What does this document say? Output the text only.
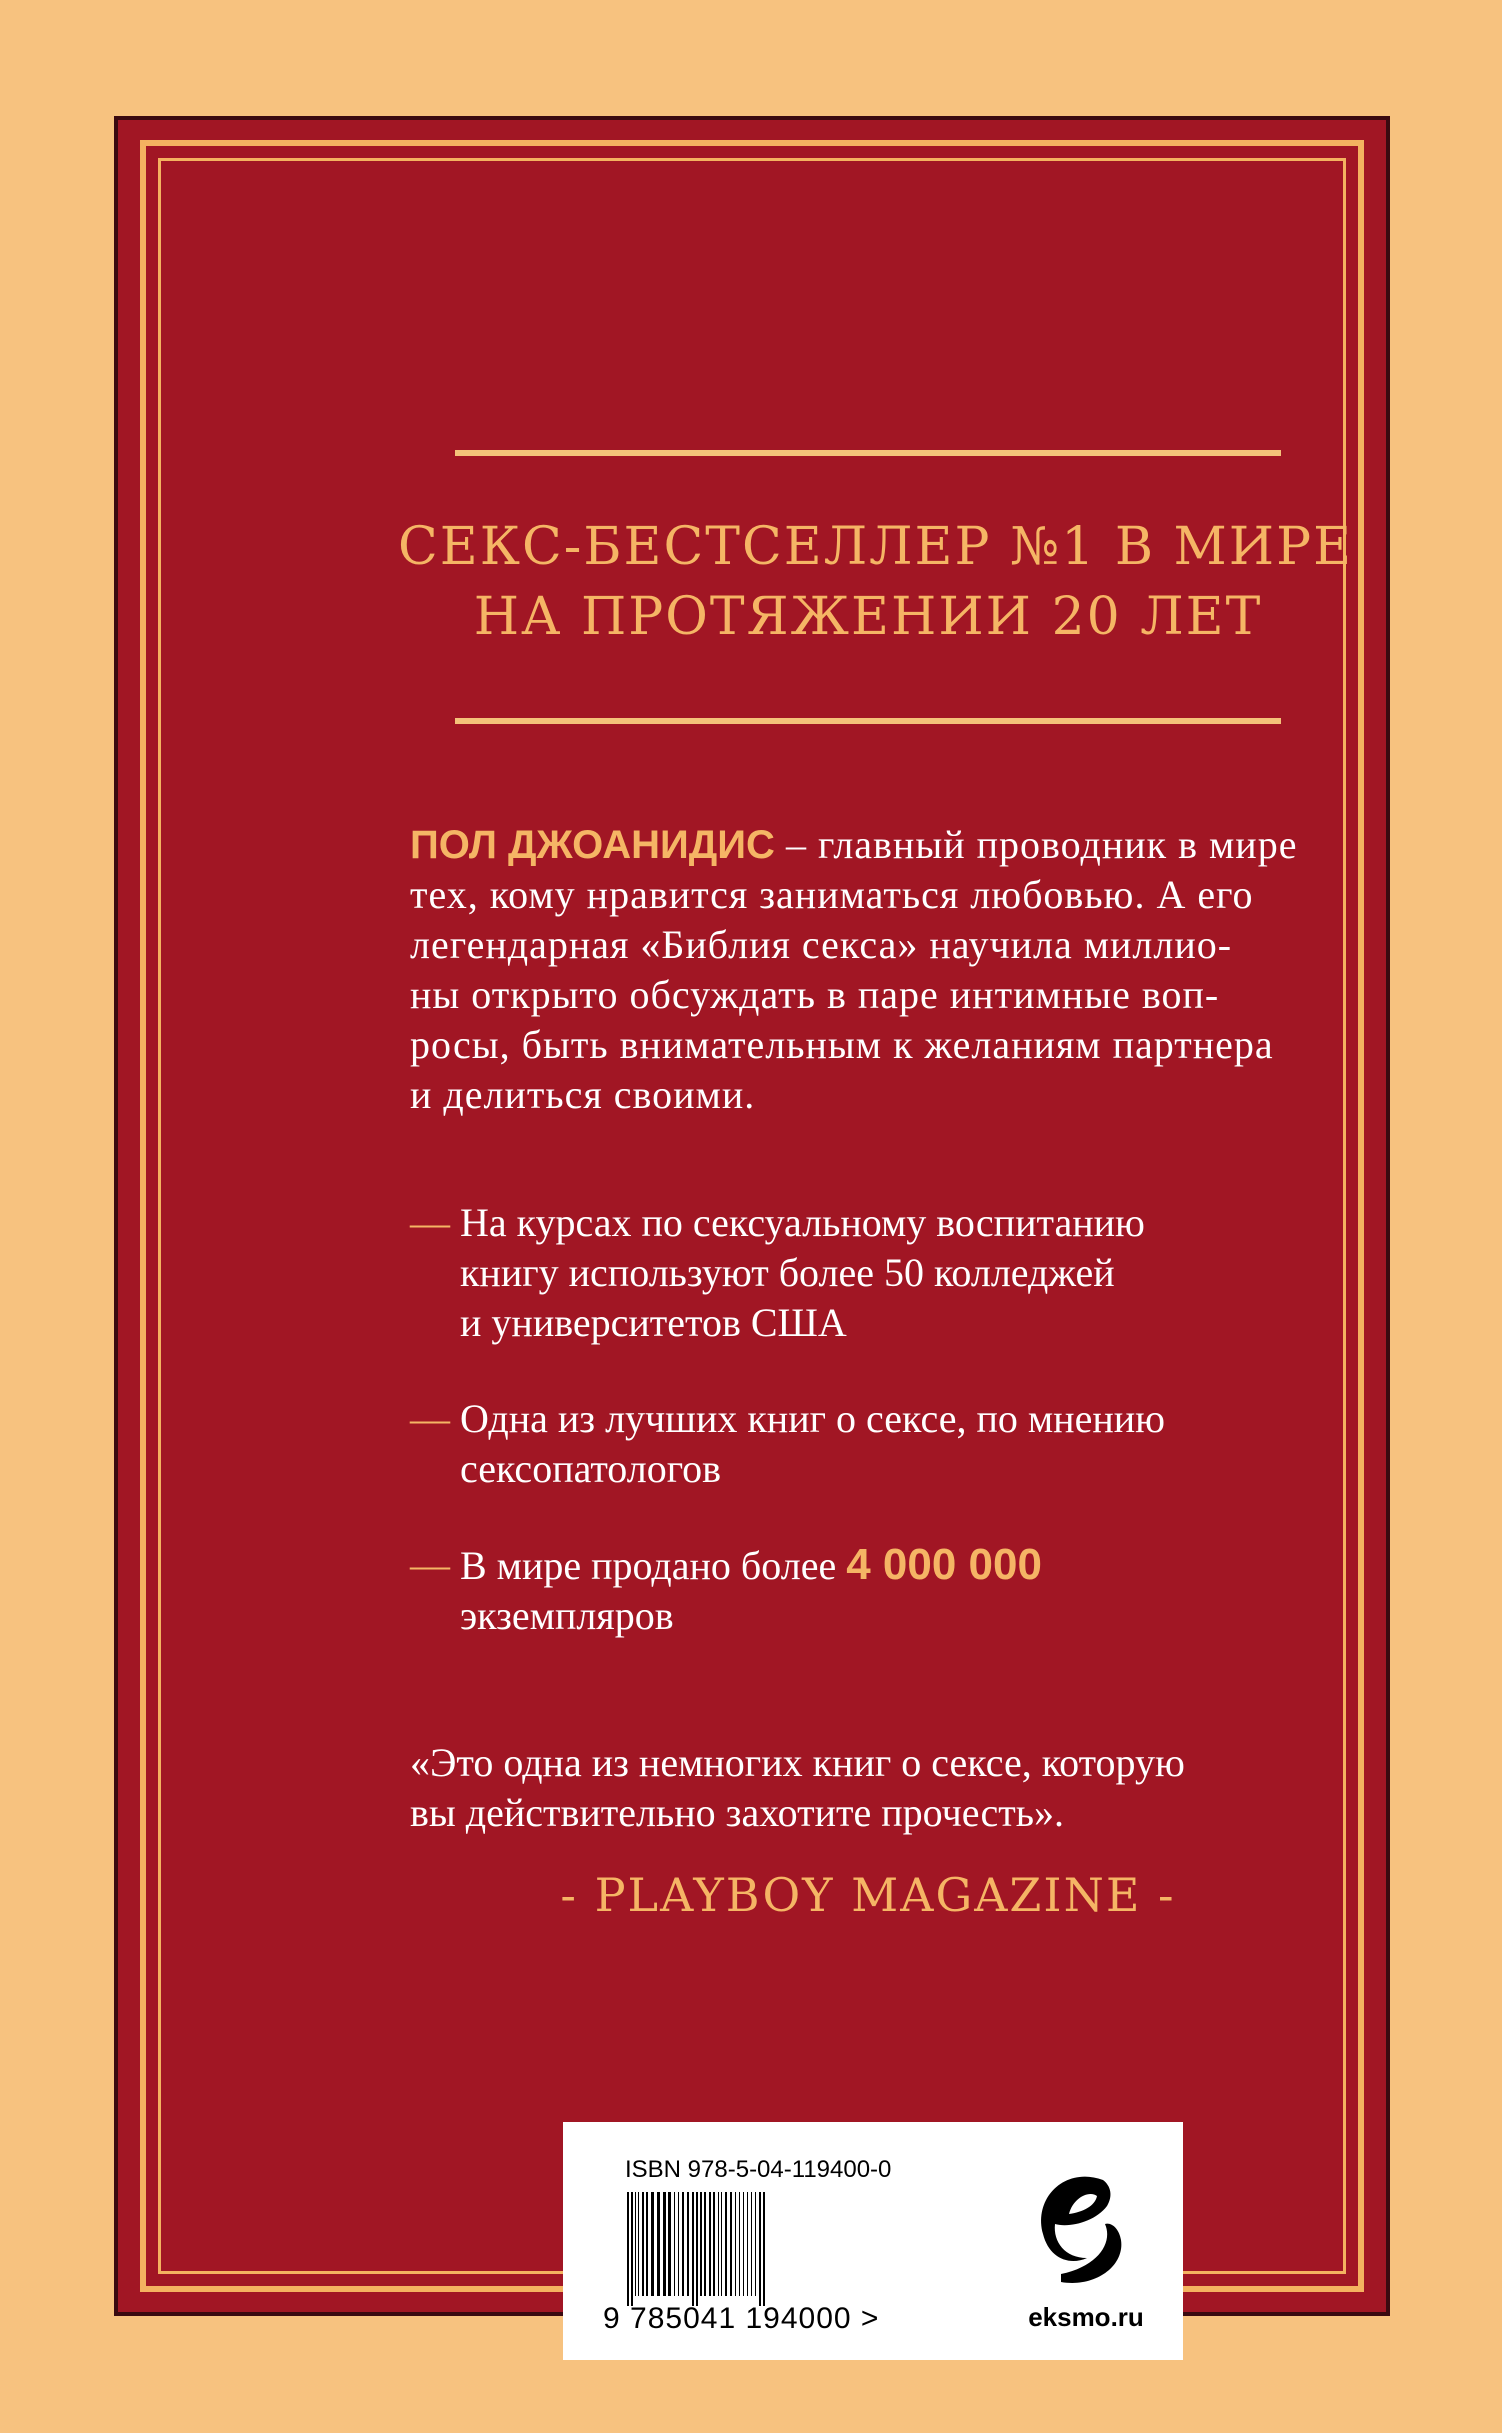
СЕКС-БЕСТСЕЛЛЕР №1 В МИРЕ
НА ПРОТЯЖЕНИИ 20 ЛЕТ
ПОЛ ДЖОАНИДИС – главный проводник в мире
тех, кому нравится заниматься любовью. А его
легендарная «Библия секса» научила миллио-
ны открыто обсуждать в паре интимные воп-
росы, быть внимательным к желаниям партнера
и делиться своими.
— На курсах по сексуальному воспитанию
книгу используют более 50 колледжей
и университетов США
— Одна из лучших книг о сексе, по мнению
сексопатологов
— В мире продано более 4 000 000
экземпляров
«Это одна из немногих книг о сексе, которую
вы действительно захотите прочесть».
- PLAYBOY MAGAZINE -
ISBN 978-5-04-119400-0
9 785041 194000 >	eksmo.ru
